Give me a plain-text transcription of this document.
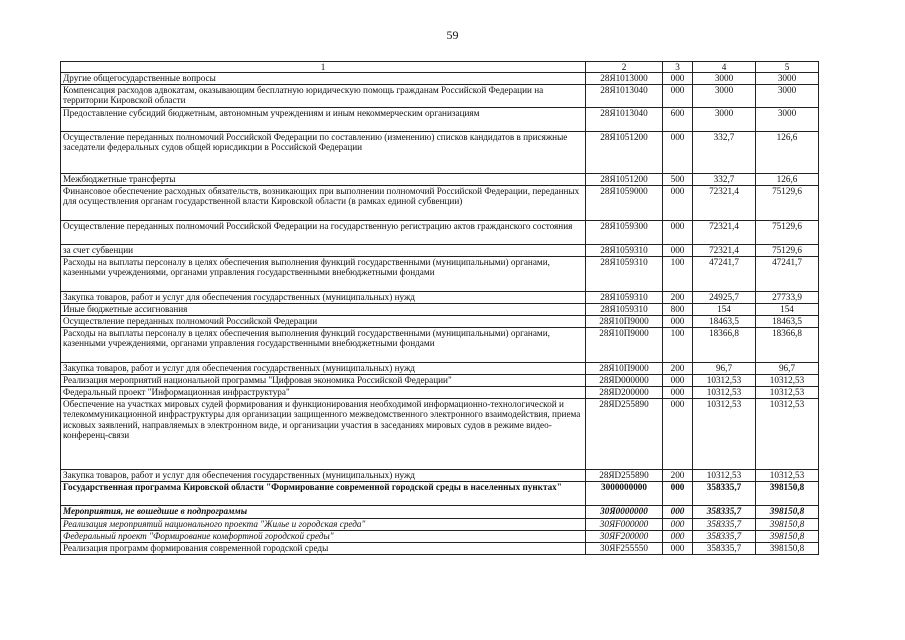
59
1	2	3	4	5
Другие общегосударственные вопросы	28Я1013000	000	3000	3000
Компенсация расходов адвокатам, оказывающим бесплатную юридическую помощь гражданам Российской Федерации на территории Кировской области	28Я1013040	000	3000	3000
Предоставление субсидий бюджетным, автономным учреждениям и иным некоммерческим организациям	28Я1013040	600	3000	3000
Осуществление переданных полномочий Российской Федерации по составлению (изменению) списков кандидатов в присяжные заседатели федеральных судов общей юрисдикции в Российской Федерации	28Я1051200	000	332,7	126,6
Межбюджетные трансферты	28Я1051200	500	332,7	126,6
Финансовое обеспечение расходных обязательств, возникающих при выполнении полномочий Российской Федерации, переданных для осуществления органам государственной власти Кировской области (в рамках единой субвенции)	28Я1059000	000	72321,4	75129,6
Осуществление переданных полномочий Российской Федерации на государственную регистрацию актов гражданского состояния	28Я1059300	000	72321,4	75129,6
за счет субвенции	28Я1059310	000	72321,4	75129,6
Расходы на выплаты персоналу в целях обеспечения выполнения функций государственными (муниципальными) органами, казенными учреждениями, органами управления государственными внебюджетными фондами	28Я1059310	100	47241,7	47241,7
Закупка товаров, работ и услуг для обеспечения государственных (муниципальных) нужд	28Я1059310	200	24925,7	27733,9
Иные бюджетные ассигнования	28Я1059310	800	154	154
Осуществление переданных полномочий Российской Федерации	28Я10П9000	000	18463,5	18463,5
Расходы на выплаты персоналу в целях обеспечения выполнения функций государственными (муниципальными) органами, казенными учреждениями, органами управления государственными внебюджетными фондами	28Я10П9000	100	18366,8	18366,8
Закупка товаров, работ и услуг для обеспечения государственных (муниципальных) нужд	28Я10П9000	200	96,7	96,7
Реализация мероприятий национальной программы "Цифровая экономика Российской Федерации"	28ЯD000000	000	10312,53	10312,53
Федеральный проект "Информационная инфраструктура"	28ЯD200000	000	10312,53	10312,53
Обеспечение на участках мировых судей формирования и функционирования необходимой информационно-технологической и телекоммуникационной инфраструктуры для организации защищенного межведомственного электронного взаимодействия, приема исковых заявлений, направляемых в электронном виде, и организации участия в заседаниях мировых судов в режиме видео-конференц-связи	28ЯD255890	000	10312,53	10312,53
Закупка товаров, работ и услуг для обеспечения государственных (муниципальных) нужд	28ЯD255890	200	10312,53	10312,53
Государственная программа Кировской области "Формирование современной городской среды в населенных пунктах"	3000000000	000	358335,7	398150,8
Мероприятия, не вошедшие в подпрограммы	30Я0000000	000	358335,7	398150,8
Реализация мероприятий национального проекта "Жилье и городская среда"	30ЯF000000	000	358335,7	398150,8
Федеральный проект "Формирование комфортной городской среды"	30ЯF200000	000	358335,7	398150,8
Реализация программ формирования современной городской среды	30ЯF255550	000	358335,7	398150,8
